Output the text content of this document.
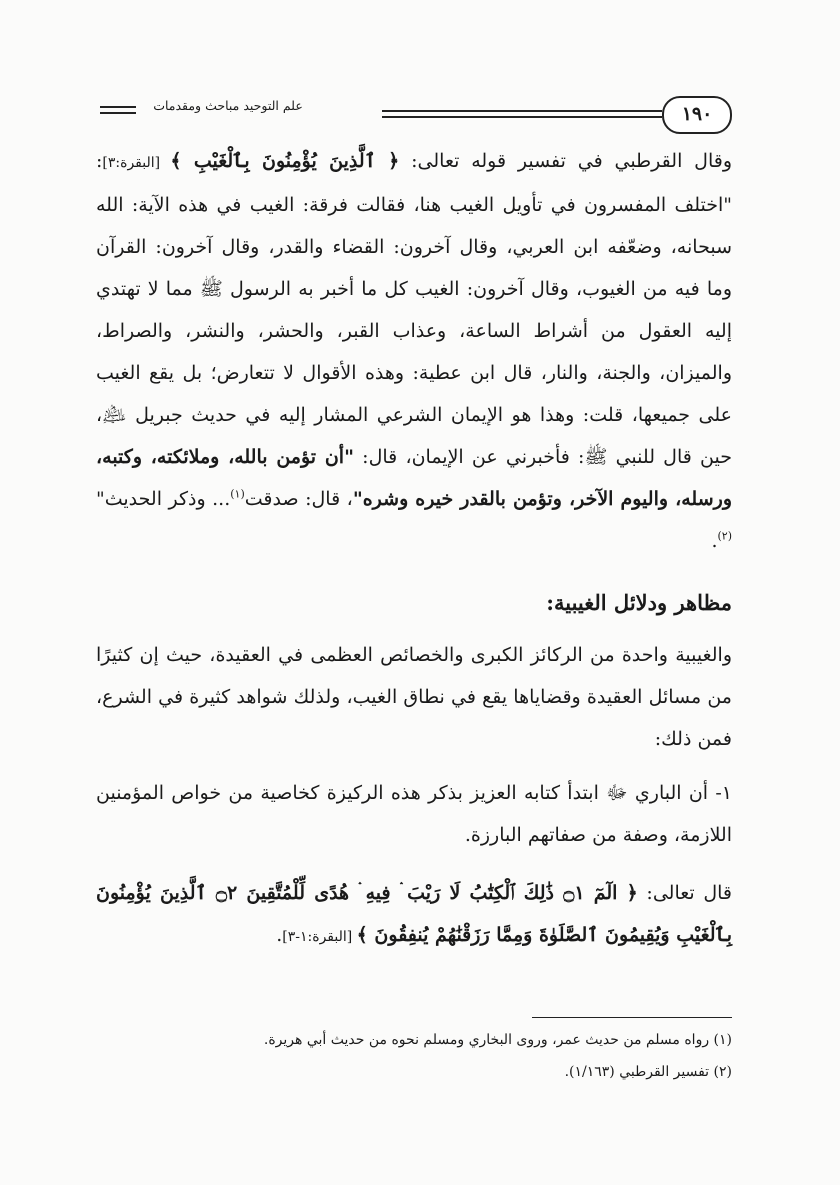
١٩٠
علم التوحيد مباحث ومقدمات

وقال القرطبي في تفسير قوله تعالى: ﴿ ٱلَّذِينَ يُؤْمِنُونَ بِٱلْغَيْبِ ﴾ [البقرة:٣]: "اختلف المفسرون في تأويل الغيب هنا، فقالت فرقة: الغيب في هذه الآية: الله سبحانه، وضعّفه ابن العربي، وقال آخرون: القضاء والقدر، وقال آخرون: القرآن وما فيه من الغيوب، وقال آخرون: الغيب كل ما أخبر به الرسول ﷺ مما لا تهتدي إليه العقول من أشراط الساعة، وعذاب القبر، والحشر، والنشر، والصراط، والميزان، والجنة، والنار، قال ابن عطية: وهذه الأقوال لا تتعارض؛ بل يقع الغيب على جميعها، قلت: وهذا هو الإيمان الشرعي المشار إليه في حديث جبريل ﵇، حين قال للنبي ﷺ: فأخبرني عن الإيمان، قال: "أن تؤمن بالله، وملائكته، وكتبه، ورسله، واليوم الآخر، وتؤمن بالقدر خيره وشره"، قال: صدقت$^{(١)}$... وذكر الحديث"$^{(٢)}$.

مظاهر ودلائل الغيبية:

والغيبية واحدة من الركائز الكبرى والخصائص العظمى في العقيدة، حيث إن كثيرًا من مسائل العقيدة وقضاياها يقع في نطاق الغيب، ولذلك شواهد كثيرة في الشرع، فمن ذلك:

١- أن الباري ﷻ ابتدأ كتابه العزيز بذكر هذه الركيزة كخاصية من خواص المؤمنين اللازمة، وصفة من صفاتهم البارزة.

قال تعالى: ﴿ الٓمٓ ۝١ ذَٰلِكَ ٱلْكِتَٰبُ لَا رَيْبَ ۛ فِيهِ ۛ هُدًى لِّلْمُتَّقِينَ ۝٢ ٱلَّذِينَ يُؤْمِنُونَ بِٱلْغَيْبِ وَيُقِيمُونَ ٱلصَّلَوٰةَ وَمِمَّا رَزَقْنَٰهُمْ يُنفِقُونَ ﴾ [البقرة:١-٣].

(١) رواه مسلم من حديث عمر، وروى البخاري ومسلم نحوه من حديث أبي هريرة.

(٢) تفسير القرطبي (١/١٦٣).
